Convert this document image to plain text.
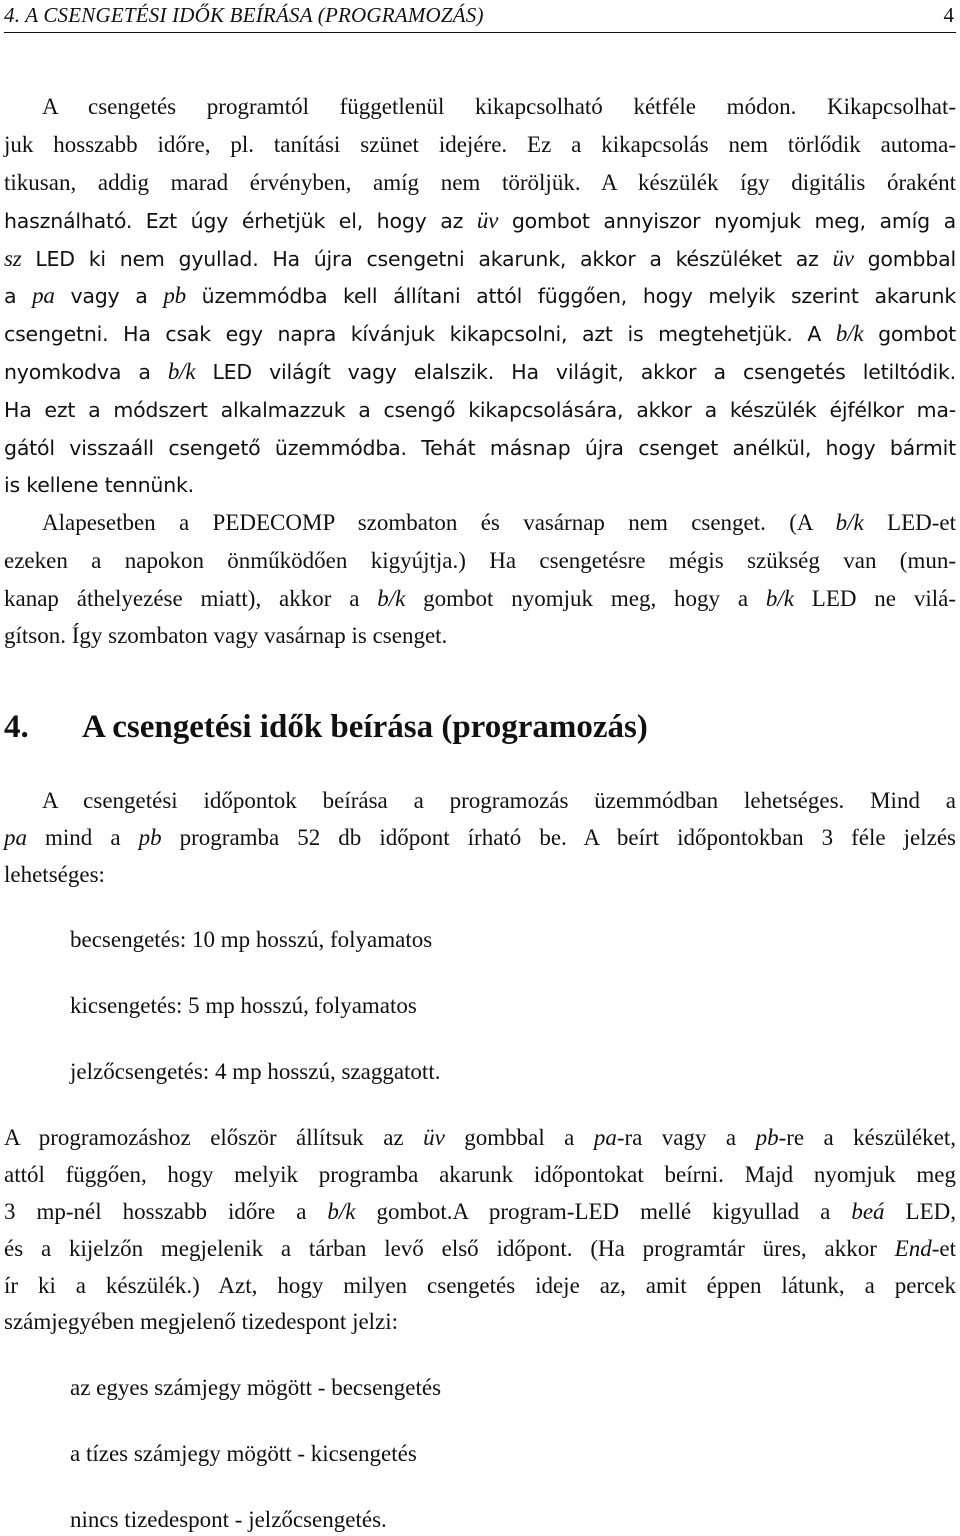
4. A CSENGETÉSI IDŐK BEÍRÁSA (PROGRAMOZÁS)	4
A csengetés programtól függetlenül kikapcsolható kétféle módon. Kikapcsolhat-
juk hosszabb időre, pl. tanítási szünet idejére. Ez a kikapcsolás nem törlődik automa-
tikusan, addig marad érvényben, amíg nem töröljük. A készülék így digitális óraként
használható. Ezt úgy érhetjük el, hogy az üv gombot annyiszor nyomjuk meg, amíg a
sz LED ki nem gyullad. Ha újra csengetni akarunk, akkor a készüléket az üv gombbal
a pa vagy a pb üzemmódba kell állítani attól függően, hogy melyik szerint akarunk
csengetni. Ha csak egy napra kívánjuk kikapcsolni, azt is megtehetjük. A b/k gombot
nyomkodva a b/k LED világít vagy elalszik. Ha világit, akkor a csengetés letiltódik.
Ha ezt a módszert alkalmazzuk a csengő kikapcsolására, akkor a készülék éjfélkor ma-
gától visszaáll csengető üzemmódba. Tehát másnap újra csenget anélkül, hogy bármit
is kellene tennünk.
Alapesetben a PEDECOMP szombaton és vasárnap nem csenget. (A b/k LED-et
ezeken a napokon önműködően kigyújtja.) Ha csengetésre mégis szükség van (mun-
kanap áthelyezése miatt), akkor a b/k gombot nyomjuk meg, hogy a b/k LED ne vilá-
gítson. Így szombaton vagy vasárnap is csenget.
4. A csengetési idők beírása (programozás)
A csengetési időpontok beírása a programozás üzemmódban lehetséges. Mind a
pa mind a pb programba 52 db időpont írható be. A beírt időpontokban 3 féle jelzés
lehetséges:
becsengetés: 10 mp hosszú, folyamatos
kicsengetés: 5 mp hosszú, folyamatos
jelzőcsengetés: 4 mp hosszú, szaggatott.
A programozáshoz először állítsuk az üv gombbal a pa-ra vagy a pb-re a készüléket,
attól függően, hogy melyik programba akarunk időpontokat beírni. Majd nyomjuk meg
3 mp-nél hosszabb időre a b/k gombot.A program-LED mellé kigyullad a beá LED,
és a kijelzőn megjelenik a tárban levő első időpont. (Ha programtár üres, akkor End-et
ír ki a készülék.) Azt, hogy milyen csengetés ideje az, amit éppen látunk, a percek
számjegyében megjelenő tizedespont jelzi:
az egyes számjegy mögött - becsengetés
a tízes számjegy mögött - kicsengetés
nincs tizedespont - jelzőcsengetés.
